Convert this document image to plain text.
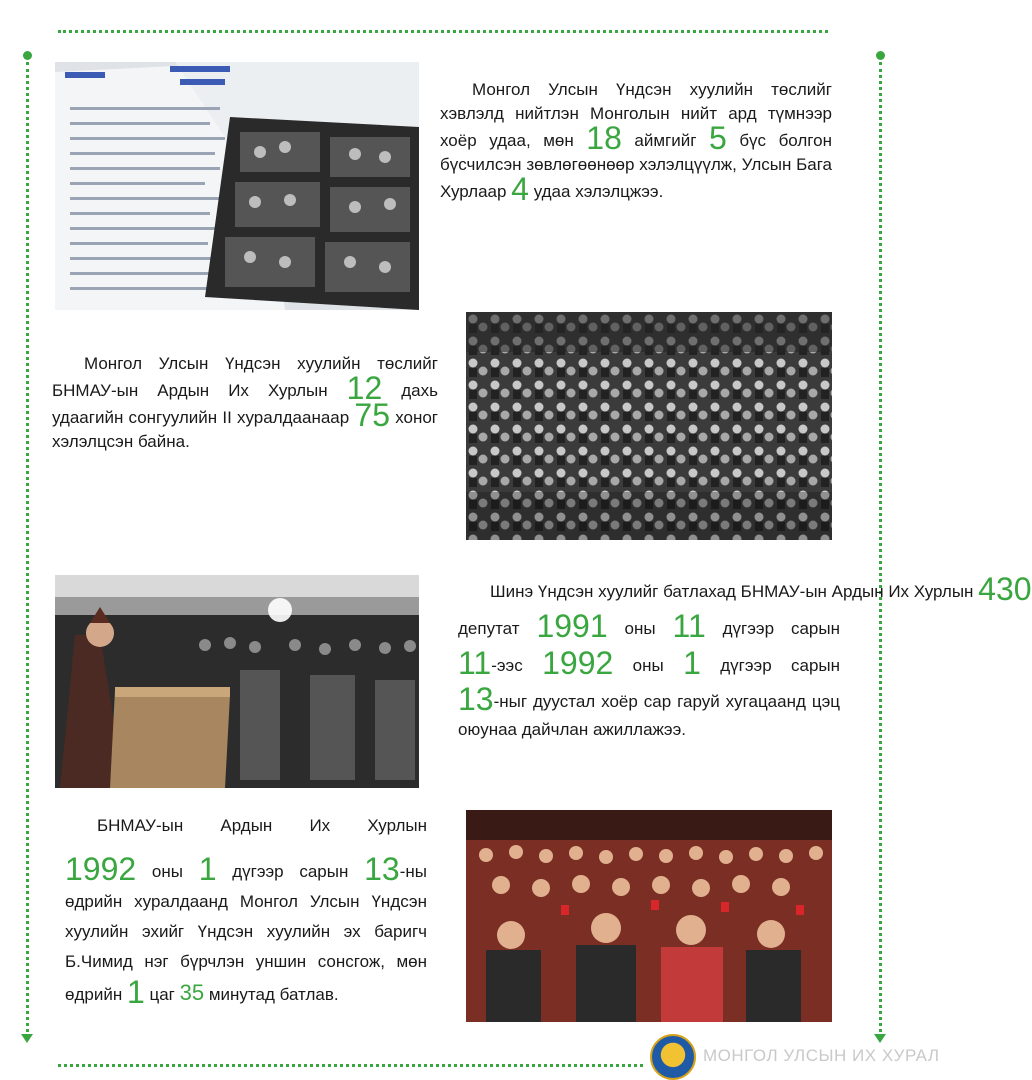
Монгол Улсын Үндсэн хуулийн төслийг хэвлэлд нийтлэн Монголын нийт ард түмнээр хоёр удаа, мөн 18 аймгийг 5 бүс болгон бүсчилсэн зөвлөгөөнөөр хэлэлцүүлж, Улсын Бага Хурлаар 4 удаа хэлэлцжээ.

Монгол Улсын Үндсэн хуулийн төслийг БНМАУ-ын Ардын Их Хурлын 12 дахь удаагийн сонгуулийн II хуралдаанаар 75 хоног хэлэлцсэн байна.

Шинэ Үндсэн хуулийг батлахад БНМАУ-ын Ардын Их Хурлын 430
депутат 1991 оны 11 дүгээр сарын
11-ээс 1992 оны 1 дүгээр сарын
13-ныг дуустал хоёр сар гаруй хугацаанд цэц оюунаа дайчлан ажиллажээ.
БНМАУ-ын Ардын Их Хурлын
1992 оны 1 дүгээр сарын 13-ны өдрийн хуралдаанд Монгол Улсын Үндсэн хуулийн эхийг Үндсэн хуулийн эх баригч Б.Чимид нэг бүрчлэн уншин сонсгож, мөн өдрийн 1 цаг 35 минутад батлав.
МОНГОЛ УЛСЫН ИХ ХУРАЛ
